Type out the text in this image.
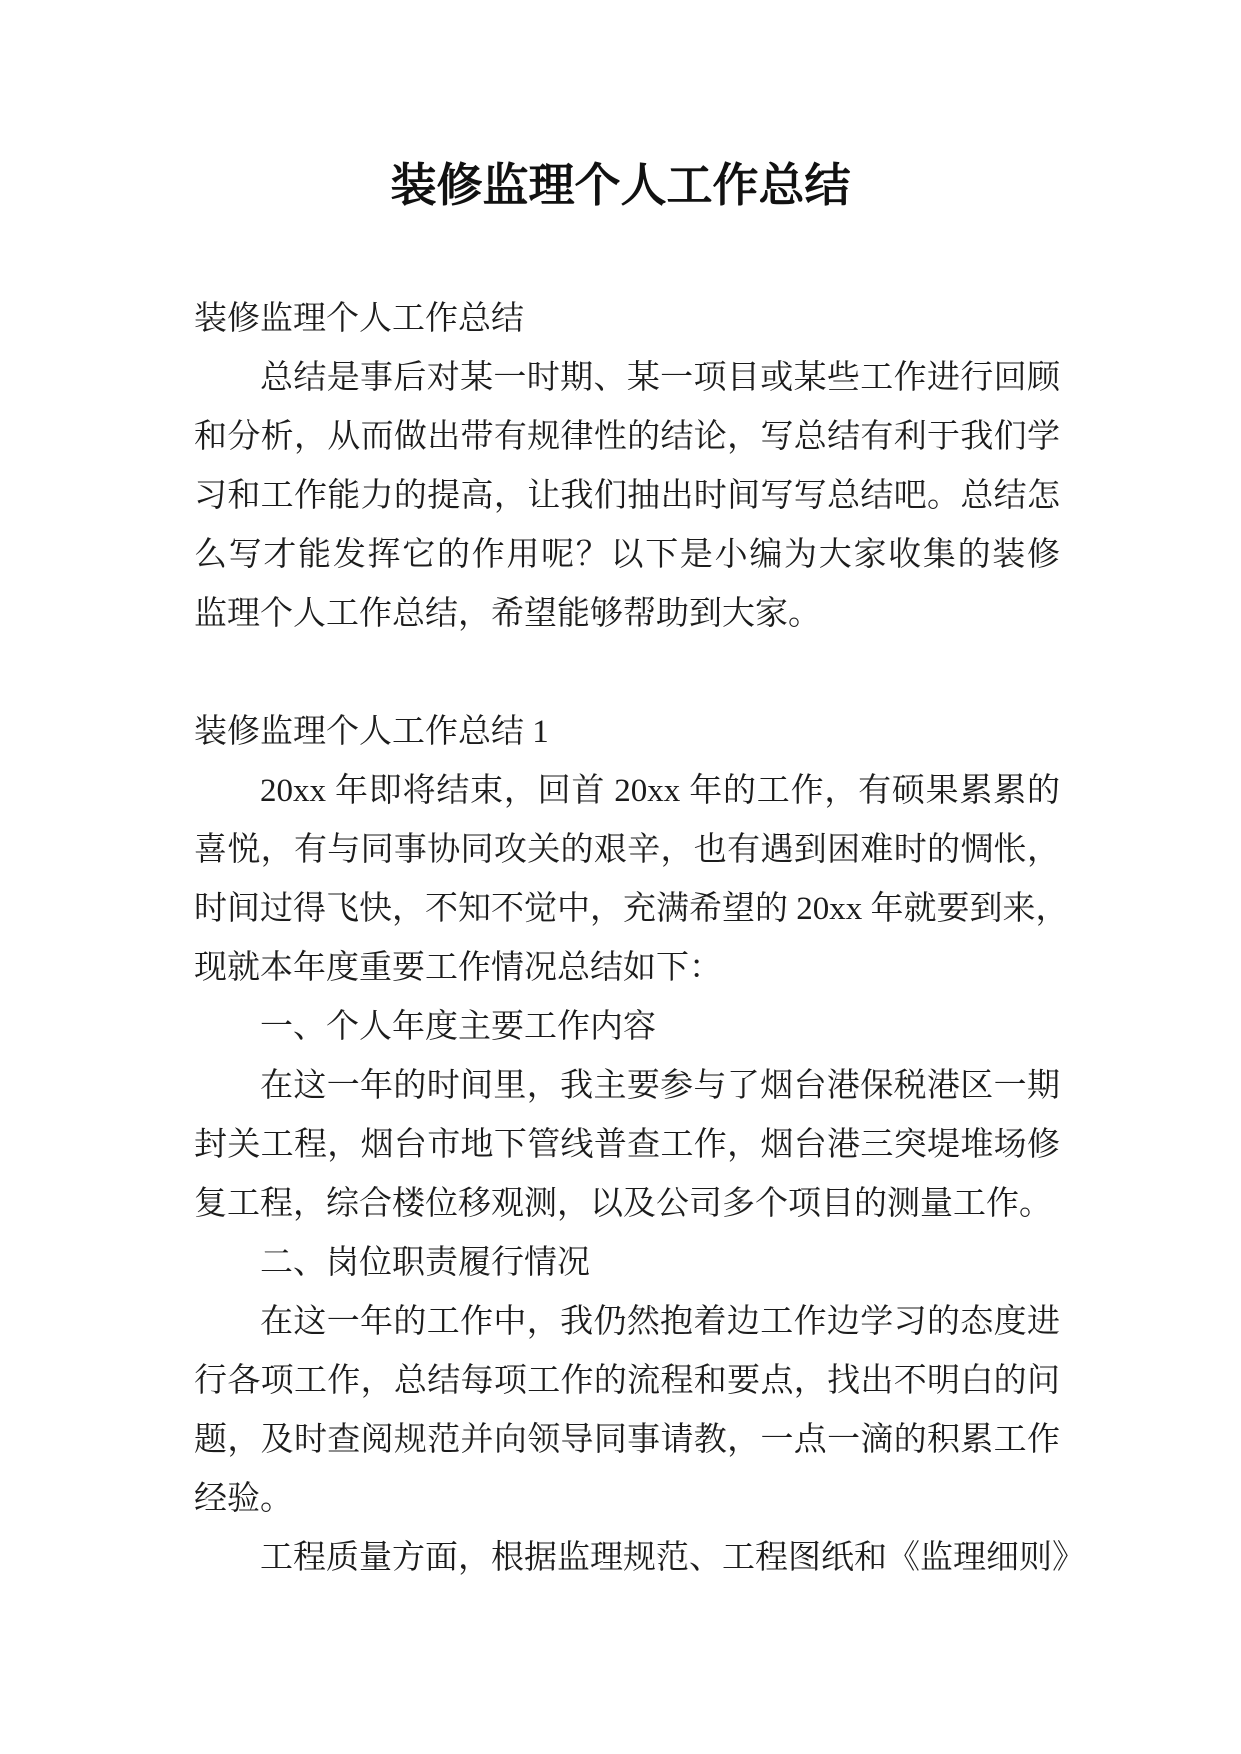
装修监理个人工作总结
装修监理个人工作总结
总结是事后对某一时期、某一项目或某些工作进行回顾
和分析，从而做出带有规律性的结论，写总结有利于我们学
习和工作能力的提高，让我们抽出时间写写总结吧。总结怎
么写才能发挥它的作用呢？以下是小编为大家收集的装修
监理个人工作总结，希望能够帮助到大家。
装修监理个人工作总结 1
20xx 年即将结束，回首 20xx 年的工作，有硕果累累的
喜悦，有与同事协同攻关的艰辛，也有遇到困难时的惆怅，
时间过得飞快，不知不觉中，充满希望的 20xx 年就要到来，
现就本年度重要工作情况总结如下：
一、个人年度主要工作内容
在这一年的时间里，我主要参与了烟台港保税港区一期
封关工程，烟台市地下管线普查工作，烟台港三突堤堆场修
复工程，综合楼位移观测，以及公司多个项目的测量工作。
二、岗位职责履行情况
在这一年的工作中，我仍然抱着边工作边学习的态度进
行各项工作，总结每项工作的流程和要点，找出不明白的问
题，及时查阅规范并向领导同事请教，一点一滴的积累工作
经验。
工程质量方面，根据监理规范、工程图纸和《监理细则》
